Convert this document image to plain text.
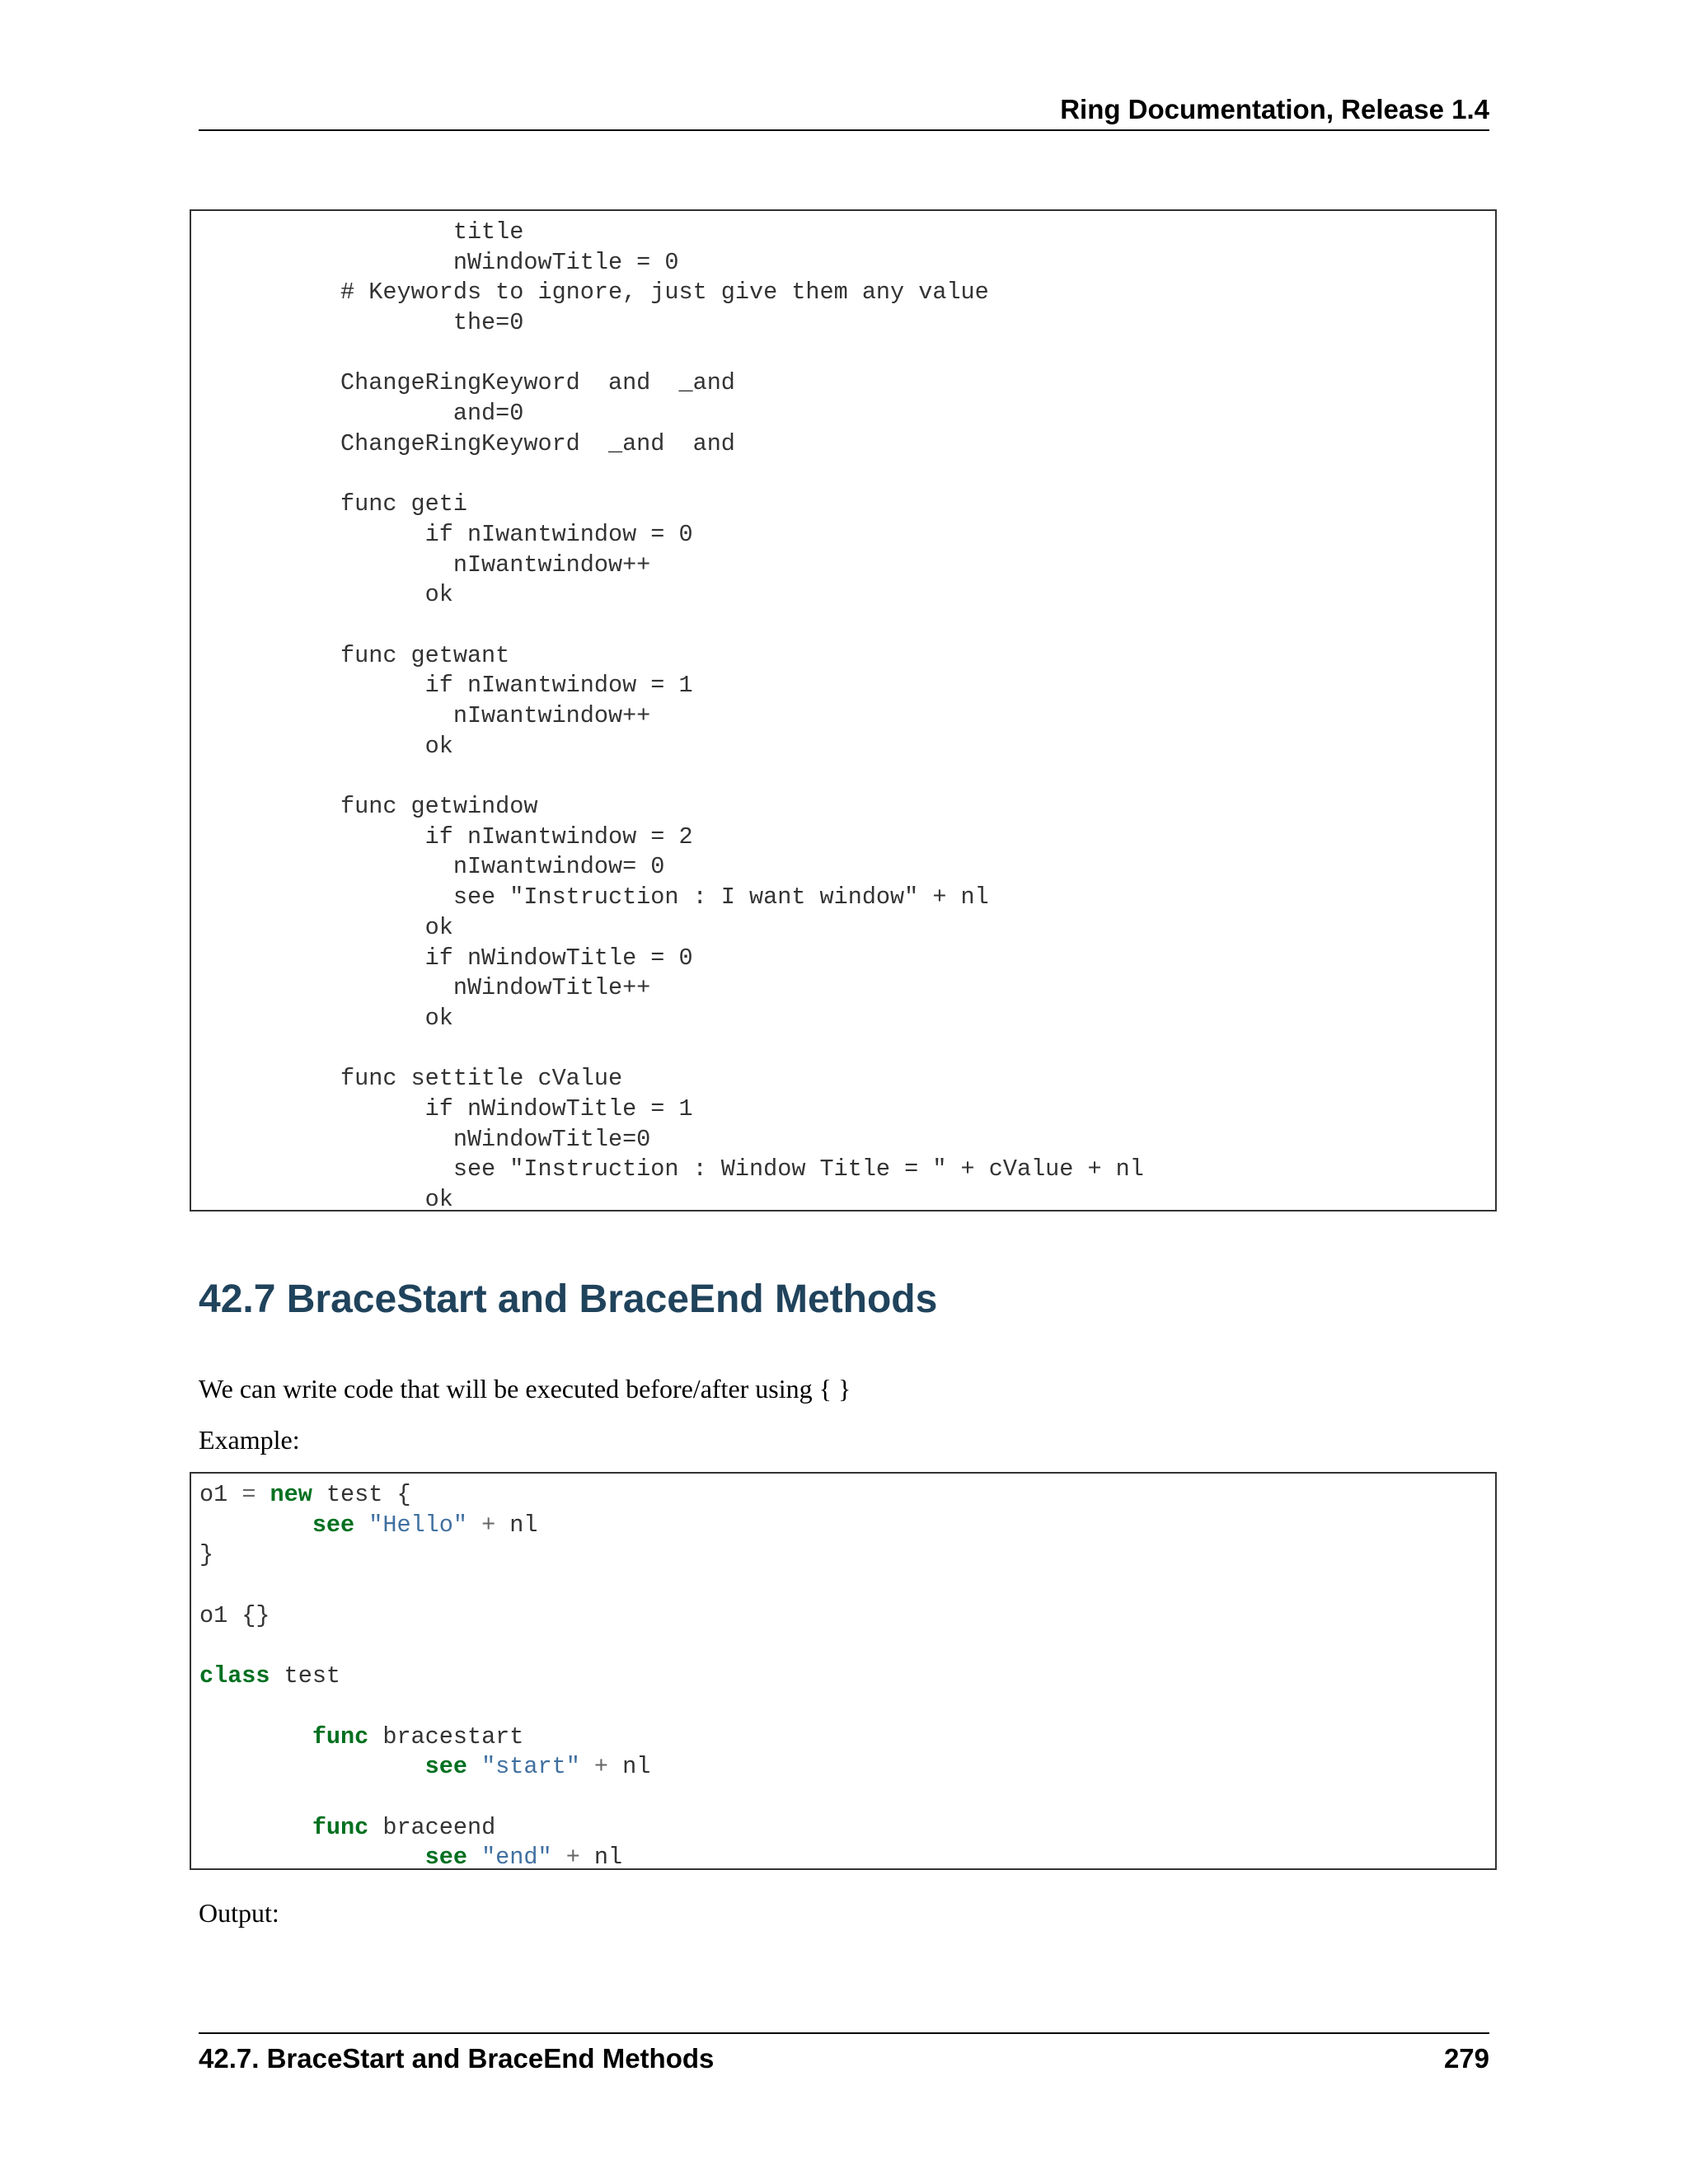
Ring Documentation, Release 1.4
title
nWindowTitle = 0
# Keywords to ignore, just give them any value
the=0
ChangeRingKeyword  and  _and
and=0
ChangeRingKeyword  _and  and
func geti
if nIwantwindow = 0
nIwantwindow++
ok
func getwant
if nIwantwindow = 1
nIwantwindow++
ok
func getwindow
if nIwantwindow = 2
nIwantwindow= 0
see "Instruction : I want window" + nl
ok
if nWindowTitle = 0
nWindowTitle++
ok
func settitle cValue
if nWindowTitle = 1
nWindowTitle=0
see "Instruction : Window Title = " + cValue + nl
ok
42.7 BraceStart and BraceEnd Methods
We can write code that will be executed before/after using { }
Example:
o1 = new test {
see "Hello" + nl
}
o1 {}
class test
func bracestart
see "start" + nl
func braceend
see "end" + nl
Output:
42.7. BraceStart and BraceEnd Methods	279
